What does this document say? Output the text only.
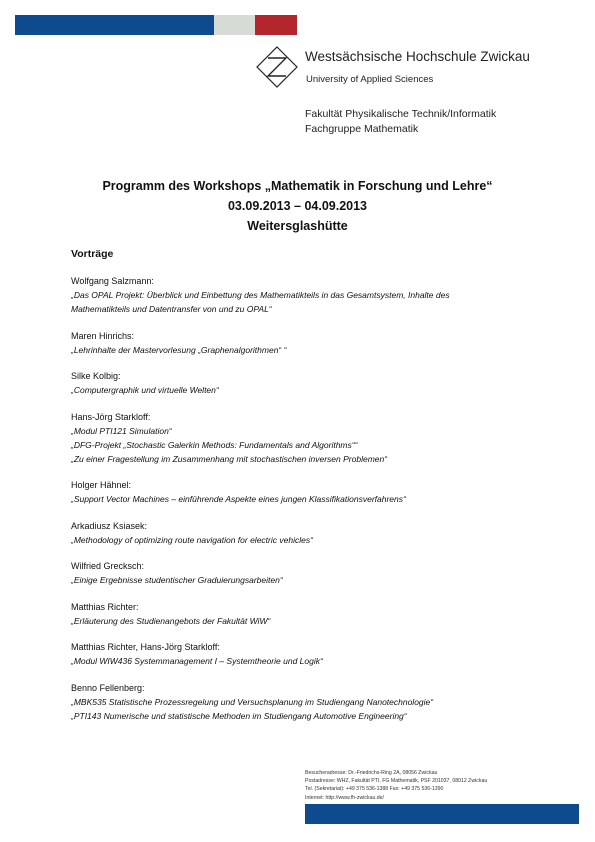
Westsächsische Hochschule Zwickau
University of Applied Sciences
Fakultät Physikalische Technik/Informatik
Fachgruppe Mathematik
Programm des Workshops „Mathematik in Forschung und Lehre“
03.09.2013 – 04.09.2013
Weitersglashütte
Vorträge
Wolfgang Salzmann:
„Das OPAL Projekt: Überblick und Einbettung des Mathematikteils in das Gesamtsystem, Inhalte des
Mathematikteils und Datentransfer von und zu OPAL“
Maren Hinrichs:
„Lehrinhalte der Mastervorlesung „Graphenalgorithmen“ “
Silke Kolbig:
„Computergraphik und virtuelle Welten“
Hans-Jörg Starkloff:
„Modul PTI121 Simulation“
„DFG-Projekt „Stochastic Galerkin Methods: Fundamentals and Algorithms““
„Zu einer Fragestellung im Zusammenhang mit stochastischen inversen Problemen“
Holger Hähnel:
„Support Vector Machines – einführende Aspekte eines jungen Klassifikationsverfahrens“
Arkadiusz Ksiasek:
„Methodology of optimizing route navigation for electric vehicles“
Wilfried Grecksch:
„Einige Ergebnisse studentischer Graduierungsarbeiten“
Matthias Richter:
„Erläuterung des Studienangebots der Fakultät WiW“
Matthias Richter, Hans-Jörg Starkloff:
„Modul WIW436 Systemmanagement I – Systemtheorie und Logik“
Benno Fellenberg:
„MBK535 Statistische Prozessregelung und Versuchsplanung im Studiengang Nanotechnologie“
„PTI143 Numerische und statistische Methoden im Studiengang Automotive Engineering“
Besucheradresse: Dr.-Friedrichs-Ring 2A, 08056 Zwickau
Postadresse: WHZ, Fakultät PTI, FG Mathematik, PSF 201037, 08012 Zwickau
Tel. (Sekretariat): +49 375 536-1388 Fax: +49 375 536-1390
Internet: http://www.fh-zwickau.de/
